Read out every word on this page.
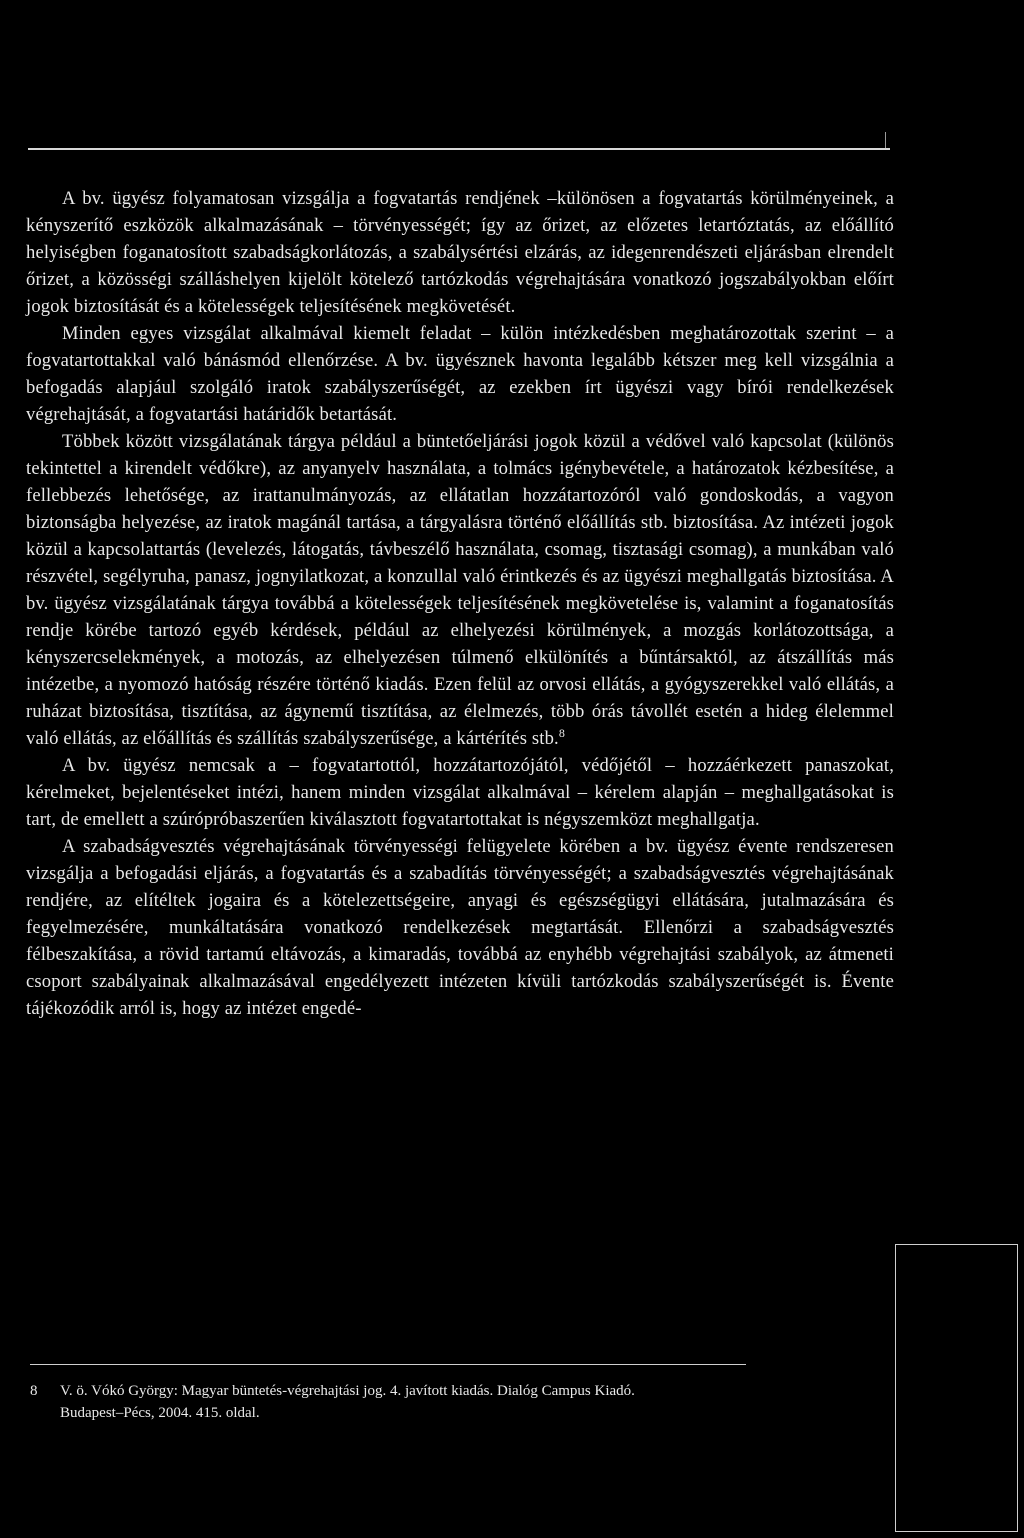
A bv. ügyész folyamatosan vizsgálja a fogvatartás rendjének –különösen a fogvatartás körülményeinek, a kényszerítő eszközök alkalmazásának – törvényességét; így az őrizet, az előzetes letartóztatás, az előállító helyiségben foganatosított szabadságkorlátozás, a szabálysértési elzárás, az idegenrendészeti eljárásban elrendelt őrizet, a közösségi szálláshelyen kijelölt kötelező tartózkodás végrehajtására vonatkozó jogszabályokban előírt jogok biztosítását és a kötelességek teljesítésének megkövetését.

Minden egyes vizsgálat alkalmával kiemelt feladat – külön intézkedésben meghatározottak szerint – a fogvatartottakkal való bánásmód ellenőrzése. A bv. ügyésznek havonta legalább kétszer meg kell vizsgálnia a befogadás alapjául szolgáló iratok szabályszerűségét, az ezekben írt ügyészi vagy bírói rendelkezések végrehajtását, a fogvatartási határidők betartását.

Többek között vizsgálatának tárgya például a büntetőeljárási jogok közül a védővel való kapcsolat (különös tekintettel a kirendelt védőkre), az anyanyelv használata, a tolmács igénybevétele, a határozatok kézbesítése, a fellebbezés lehetősége, az irattanulmányozás, az ellátatlan hozzátartozóról való gondoskodás, a vagyon biztonságba helyezése, az iratok magánál tartása, a tárgyalásra történő előállítás stb. biztosítása. Az intézeti jogok közül a kapcsolattartás (levelezés, látogatás, távbeszélő használata, csomag, tisztasági csomag), a munkában való részvétel, segélyruha, panasz, jognyilatkozat, a konzullal való érintkezés és az ügyészi meghallgatás biztosítása. A bv. ügyész vizsgálatának tárgya továbbá a kötelességek teljesítésének megkövetelése is, valamint a foganatosítás rendje körébe tartozó egyéb kérdések, például az elhelyezési körülmények, a mozgás korlátozottsága, a kényszercselekmények, a motozás, az elhelyezésen túlmenő elkülönítés a bűntársaktól, az átszállítás más intézetbe, a nyomozó hatóság részére történő kiadás. Ezen felül az orvosi ellátás, a gyógyszerekkel való ellátás, a ruházat biztosítása, tisztítása, az ágynemű tisztítása, az élelmezés, több órás távollét esetén a hideg élelemmel való ellátás, az előállítás és szállítás szabályszerűsége, a kártérítés stb.$^8$

A bv. ügyész nemcsak a – fogvatartottól, hozzátartozójától, védőjétől – hozzáérkezett panaszokat, kérelmeket, bejelentéseket intézi, hanem minden vizsgálat alkalmával – kérelem alapján – meghallgatásokat is tart, de emellett a szúrópróbaszerűen kiválasztott fogvatartottakat is négyszemközt meghallgatja.

A szabadságvesztés végrehajtásának törvényességi felügyelete körében a bv. ügyész évente rendszeresen vizsgálja a befogadási eljárás, a fogvatartás és a szabadítás törvényességét; a szabadságvesztés végrehajtásának rendjére, az elítéltek jogaira és a kötelezettségeire, anyagi és egészségügyi ellátására, jutalmazására és fegyelmezésére, munkáltatására vonatkozó rendelkezések megtartását. Ellenőrzi a szabadságvesztés félbeszakítása, a rövid tartamú eltávozás, a kimaradás, továbbá az enyhébb végrehajtási szabályok, az átmeneti csoport szabályainak alkalmazásával engedélyezett intézeten kívüli tartózkodás szabályszerűségét is. Évente tájékozódik arról is, hogy az intézet engedé-

8	V. ö. Vókó György: Magyar büntetés-végrehajtási jog. 4. javított kiadás. Dialóg Campus Kiadó.
Budapest–Pécs, 2004. 415. oldal.
